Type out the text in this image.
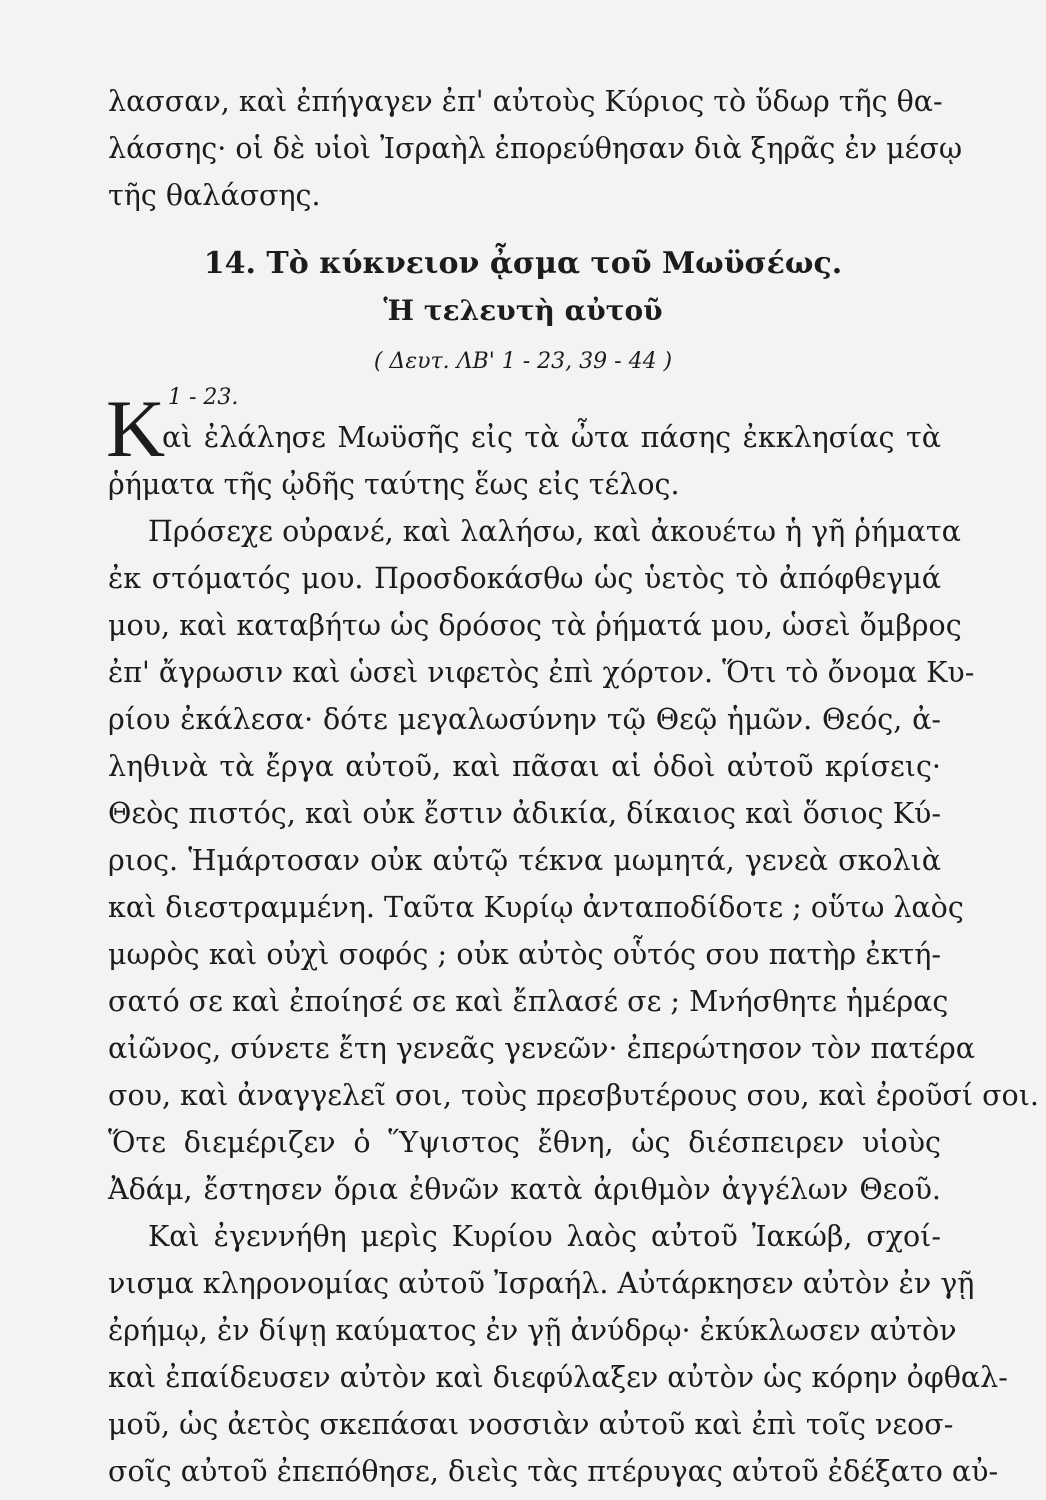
λασσαν, καὶ ἐπήγαγεν ἐπ' αὐτοὺς Κύριος τὸ ὕδωρ τῆς θα-
λάσσης· οἱ δὲ υἱοὶ Ἰσραὴλ ἐπορεύθησαν διὰ ξηρᾶς ἐν μέσῳ
τῆς θαλάσσης.
14. Τὸ κύκνειον ᾆσμα τοῦ Μωϋσέως.
Ἡ τελευτὴ αὐτοῦ
( Δευτ. ΛΒ' 1 - 23, 39 - 44 )
K 1 - 23.
αὶ ἐλάλησε Μωϋσῆς εἰς τὰ ὦτα πάσης ἐκκλησίας τὰ
ῥήματα τῆς ᾠδῆς ταύτης ἕως εἰς τέλος.
Πρόσεχε οὐρανέ, καὶ λαλήσω, καὶ ἀκουέτω ἡ γῆ ῥήματα
ἐκ στόματός μου. Προσδοκάσθω ὡς ὑετὸς τὸ ἀπόφθεγμά
μου, καὶ καταβήτω ὡς δρόσος τὰ ῥήματά μου, ὡσεὶ ὄμβρος
ἐπ' ἄγρωσιν καὶ ὡσεὶ νιφετὸς ἐπὶ χόρτον. Ὅτι τὸ ὄνομα Κυ-
ρίου ἐκάλεσα· δότε μεγαλωσύνην τῷ Θεῷ ἡμῶν. Θεός, ἀ-
ληθινὰ τὰ ἔργα αὐτοῦ, καὶ πᾶσαι αἱ ὁδοὶ αὐτοῦ κρίσεις·
Θεὸς πιστός, καὶ οὐκ ἔστιν ἀδικία, δίκαιος καὶ ὅσιος Κύ-
ριος. Ἡμάρτοσαν οὐκ αὐτῷ τέκνα μωμητά, γενεὰ σκολιὰ
καὶ διεστραμμένη. Ταῦτα Κυρίῳ ἀνταποδίδοτε ; οὕτω λαὸς
μωρὸς καὶ οὐχὶ σοφός ; οὐκ αὐτὸς οὗτός σου πατὴρ ἐκτή-
σατό σε καὶ ἐποίησέ σε καὶ ἔπλασέ σε ; Μνήσθητε ἡμέρας
αἰῶνος, σύνετε ἔτη γενεᾶς γενεῶν· ἐπερώτησον τὸν πατέρα
σου, καὶ ἀναγγελεῖ σοι, τοὺς πρεσβυτέρους σου, καὶ ἐροῦσί σοι.
Ὅτε διεμέριζεν ὁ Ὕψιστος ἔθνη, ὡς διέσπειρεν υἱοὺς
Ἀδάμ, ἔστησεν ὅρια ἐθνῶν κατὰ ἀριθμὸν ἀγγέλων Θεοῦ.
Καὶ ἐγεννήθη μερὶς Κυρίου λαὸς αὐτοῦ Ἰακώβ, σχοί-
νισμα κληρονομίας αὐτοῦ Ἰσραήλ. Αὐτάρκησεν αὐτὸν ἐν γῇ
ἐρήμῳ, ἐν δίψῃ καύματος ἐν γῇ ἀνύδρῳ· ἐκύκλωσεν αὐτὸν
καὶ ἐπαίδευσεν αὐτὸν καὶ διεφύλαξεν αὐτὸν ὡς κόρην ὀφθαλ-
μοῦ, ὡς ἀετὸς σκεπάσαι νοσσιὰν αὐτοῦ καὶ ἐπὶ τοῖς νεοσ-
σοῖς αὐτοῦ ἐπεπόθησε, διεὶς τὰς πτέρυγας αὐτοῦ ἐδέξατο αὐ-
